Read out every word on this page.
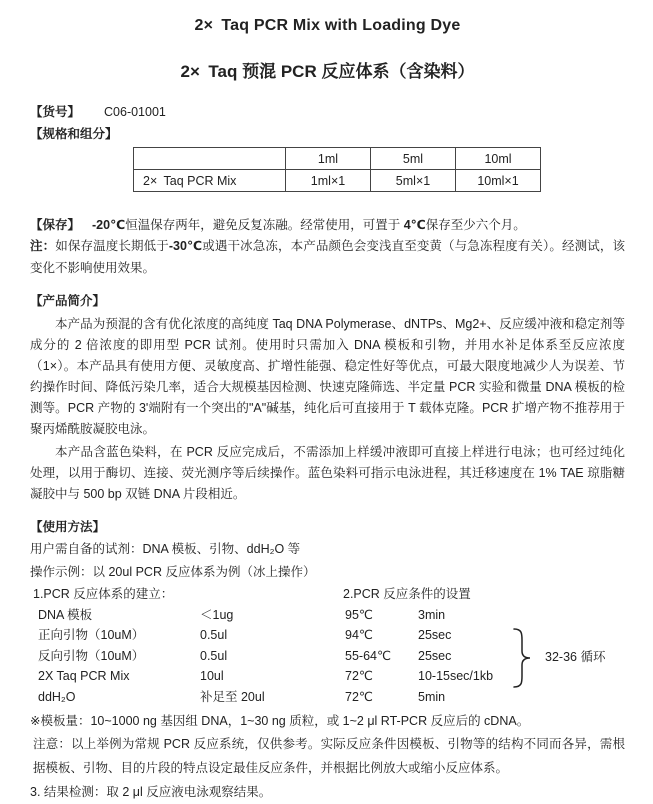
2× Taq PCR Mix with Loading Dye
2× Taq 预混 PCR 反应体系（含染料）
【货号】 C06-01001
【规格和组分】
	1ml	5ml	10ml
2× Taq PCR Mix	1ml×1	5ml×1	10ml×1
【保存】 -20℃恒温保存两年，避免反复冻融。经常使用，可置于 4℃保存至少六个月。
注：如保存温度长期低于-30℃或遇干冰急冻，本产品颜色会变浅直至变黄（与急冻程度有关）。经测试，该变化不影响使用效果。
【产品简介】

本产品为预混的含有优化浓度的高纯度 Taq DNA Polymerase、dNTPs、Mg2+、反应缓冲液和稳定剂等成分的 2 倍浓度的即用型 PCR 试剂。使用时只需加入 DNA 模板和引物，并用水补足体系至反应浓度（1×）。本产品具有使用方便、灵敏度高、扩增性能强、稳定性好等优点，可最大限度地减少人为误差、节约操作时间、降低污染几率，适合大规模基因检测、快速克隆筛选、半定量 PCR 实验和微量 DNA 模板的检测等。PCR 产物的 3'端附有一个突出的"A"碱基，纯化后可直接用于 T 载体克隆。PCR 扩增产物不推荐用于聚丙烯酰胺凝胶电泳。

本产品含蓝色染料，在 PCR 反应完成后，不需添加上样缓冲液即可直接上样进行电泳；也可经过纯化处理，以用于酶切、连接、荧光测序等后续操作。蓝色染料可指示电泳进程，其迁移速度在 1% TAE 琼脂糖凝胶中与 500 bp 双链 DNA 片段相近。

【使用方法】
用户需自备的试剂：DNA 模板、引物、ddH₂O 等
操作示例：以 20ul PCR 反应体系为例（冰上操作）
1.PCR 反应体系的建立：
DNA 模板	＜1ug
正向引物（10uM）	0.5ul
反向引物（10uM）	0.5ul
2X Taq PCR Mix	10ul
ddH₂O	补足至 20ul
2.PCR 反应条件的设置
95℃	3min
94℃	25sec
55-64℃	25sec
72℃	10-15sec/1kb
72℃	5min
32-36 循环
※模板量：10~1000 ng 基因组 DNA，1~30 ng 质粒，或 1~2 μl RT-PCR 反应后的 cDNA。

注意：以上举例为常规 PCR 反应系统，仅供参考。实际反应条件因模板、引物等的结构不同而各异，需根据模板、引物、目的片段的特点设定最佳反应条件，并根据比例放大或缩小反应体系。

3. 结果检测：取 2 μl 反应液电泳观察结果。
